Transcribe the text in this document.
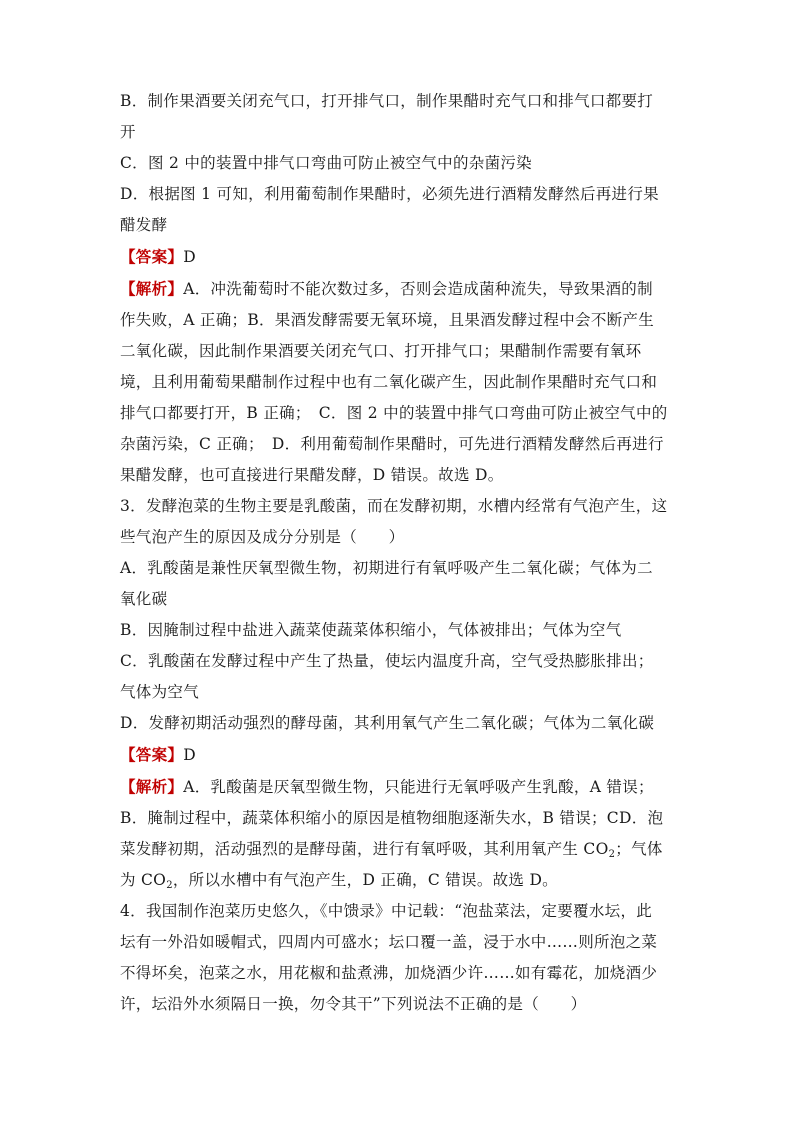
B．制作果酒要关闭充气口，打开排气口，制作果醋时充气口和排气口都要打
开
C．图 2 中的装置中排气口弯曲可防止被空气中的杂菌污染
D．根据图 1 可知，利用葡萄制作果醋时，必须先进行酒精发酵然后再进行果
醋发酵
【答案】D
【解析】A．冲洗葡萄时不能次数过多，否则会造成菌种流失，导致果酒的制
作失败，A 正确；B．果酒发酵需要无氧环境，且果酒发酵过程中会不断产生
二氧化碳，因此制作果酒要关闭充气口、打开排气口；果醋制作需要有氧环
境，且利用葡萄果醋制作过程中也有二氧化碳产生，因此制作果醋时充气口和
排气口都要打开，B 正确；　C．图 2 中的装置中排气口弯曲可防止被空气中的
杂菌污染，C 正确；　D．利用葡萄制作果醋时，可先进行酒精发酵然后再进行
果醋发酵，也可直接进行果醋发酵，D 错误。故选 D。
3．发酵泡菜的生物主要是乳酸菌，而在发酵初期，水槽内经常有气泡产生，这
些气泡产生的原因及成分分别是（　　）
A．乳酸菌是兼性厌氧型微生物，初期进行有氧呼吸产生二氧化碳；气体为二
氧化碳
B．因腌制过程中盐进入蔬菜使蔬菜体积缩小，气体被排出；气体为空气
C．乳酸菌在发酵过程中产生了热量，使坛内温度升高，空气受热膨胀排出；
气体为空气
D．发酵初期活动强烈的酵母菌，其利用氧气产生二氧化碳；气体为二氧化碳
【答案】D
【解析】A．乳酸菌是厌氧型微生物，只能进行无氧呼吸产生乳酸，A 错误；
B．腌制过程中，蔬菜体积缩小的原因是植物细胞逐渐失水，B 错误；CD．泡
菜发酵初期，活动强烈的是酵母菌，进行有氧呼吸，其利用氧产生 $CO_2$；气体
为 $CO_2$，所以水槽中有气泡产生，D 正确，C 错误。故选 D。
4．我国制作泡菜历史悠久，《中馈录》中记载：“泡盐菜法，定要覆水坛，此
坛有一外沿如暖帽式，四周内可盛水；坛口覆一盖，浸于水中……则所泡之菜
不得坏矣，泡菜之水，用花椒和盐煮沸，加烧酒少许……如有霉花，加烧酒少
许，坛沿外水须隔日一换，勿令其干”下列说法不正确的是（　　）
